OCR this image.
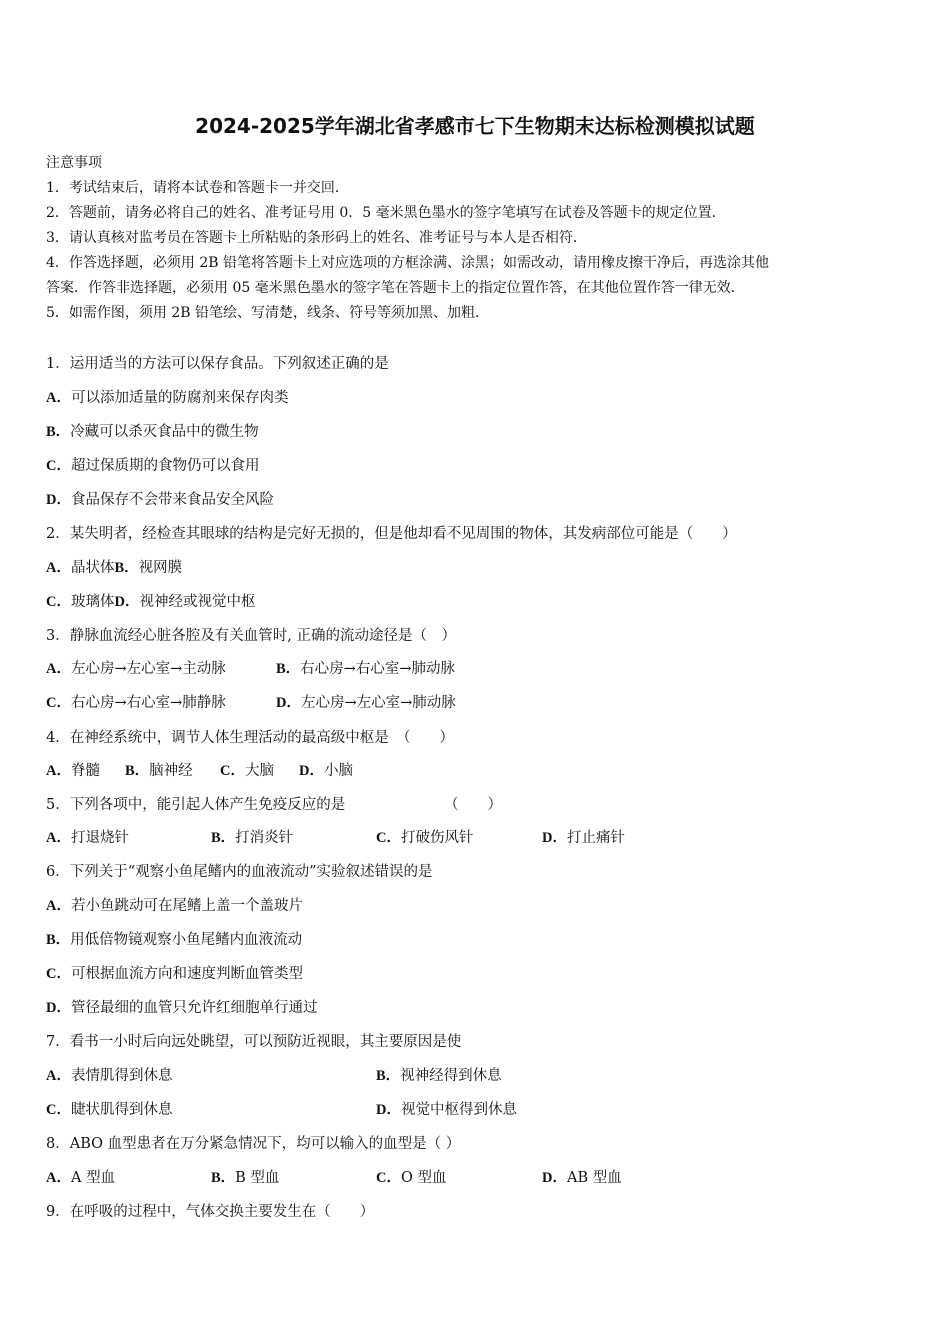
2024-2025学年湖北省孝感市七下生物期末达标检测模拟试题
注意事项
1．考试结束后，请将本试卷和答题卡一并交回．
2．答题前，请务必将自己的姓名、准考证号用 0．5 毫米黑色墨水的签字笔填写在试卷及答题卡的规定位置．
3．请认真核对监考员在答题卡上所粘贴的条形码上的姓名、准考证号与本人是否相符．
4．作答选择题，必须用 2B 铅笔将答题卡上对应选项的方框涂满、涂黑；如需改动，请用橡皮擦干净后，再选涂其他
答案．作答非选择题，必须用 05 毫米黑色墨水的签字笔在答题卡上的指定位置作答，在其他位置作答一律无效．
5．如需作图，须用 2B 铅笔绘、写清楚，线条、符号等须加黑、加粗．
1．运用适当的方法可以保存食品。下列叙述正确的是
A．可以添加适量的防腐剂来保存肉类
B．冷藏可以杀灭食品中的微生物
C．超过保质期的食物仍可以食用
D．食品保存不会带来食品安全风险
2．某失明者，经检查其眼球的结构是完好无损的，但是他却看不见周围的物体，其发病部位可能是（　　）
A．晶状体B．视网膜
C．玻璃体D．视神经或视觉中枢
3．静脉血流经心脏各腔及有关血管时, 正确的流动途径是（　）
A．左心房→左心室→主动脉	B．右心房→右心室→肺动脉
C．右心房→右心室→肺静脉	D．左心房→左心室→肺动脉
4．在神经系统中，调节人体生理活动的最高级中枢是　（　　）
A．脊髓 B．脑神经 C．大脑 D．小脑
5．下列各项中，能引起人体产生免疫反应的是	（　　）
A．打退烧针	B．打消炎针	C．打破伤风针	D．打止痛针
6．下列关于“观察小鱼尾鳍内的血液流动”实验叙述错误的是
A．若小鱼跳动可在尾鳍上盖一个盖玻片
B．用低倍物镜观察小鱼尾鳍内血液流动
C．可根据血流方向和速度判断血管类型
D．管径最细的血管只允许红细胞单行通过
7．看书一小时后向远处眺望，可以预防近视眼，其主要原因是使
A．表情肌得到休息	B．视神经得到休息
C．睫状肌得到休息	D．视觉中枢得到休息
8．ABO 血型患者在万分紧急情况下，均可以输入的血型是（ ）
A．A 型血	B．B 型血	C．O 型血	D．AB 型血
9．在呼吸的过程中，气体交换主要发生在（　　）
